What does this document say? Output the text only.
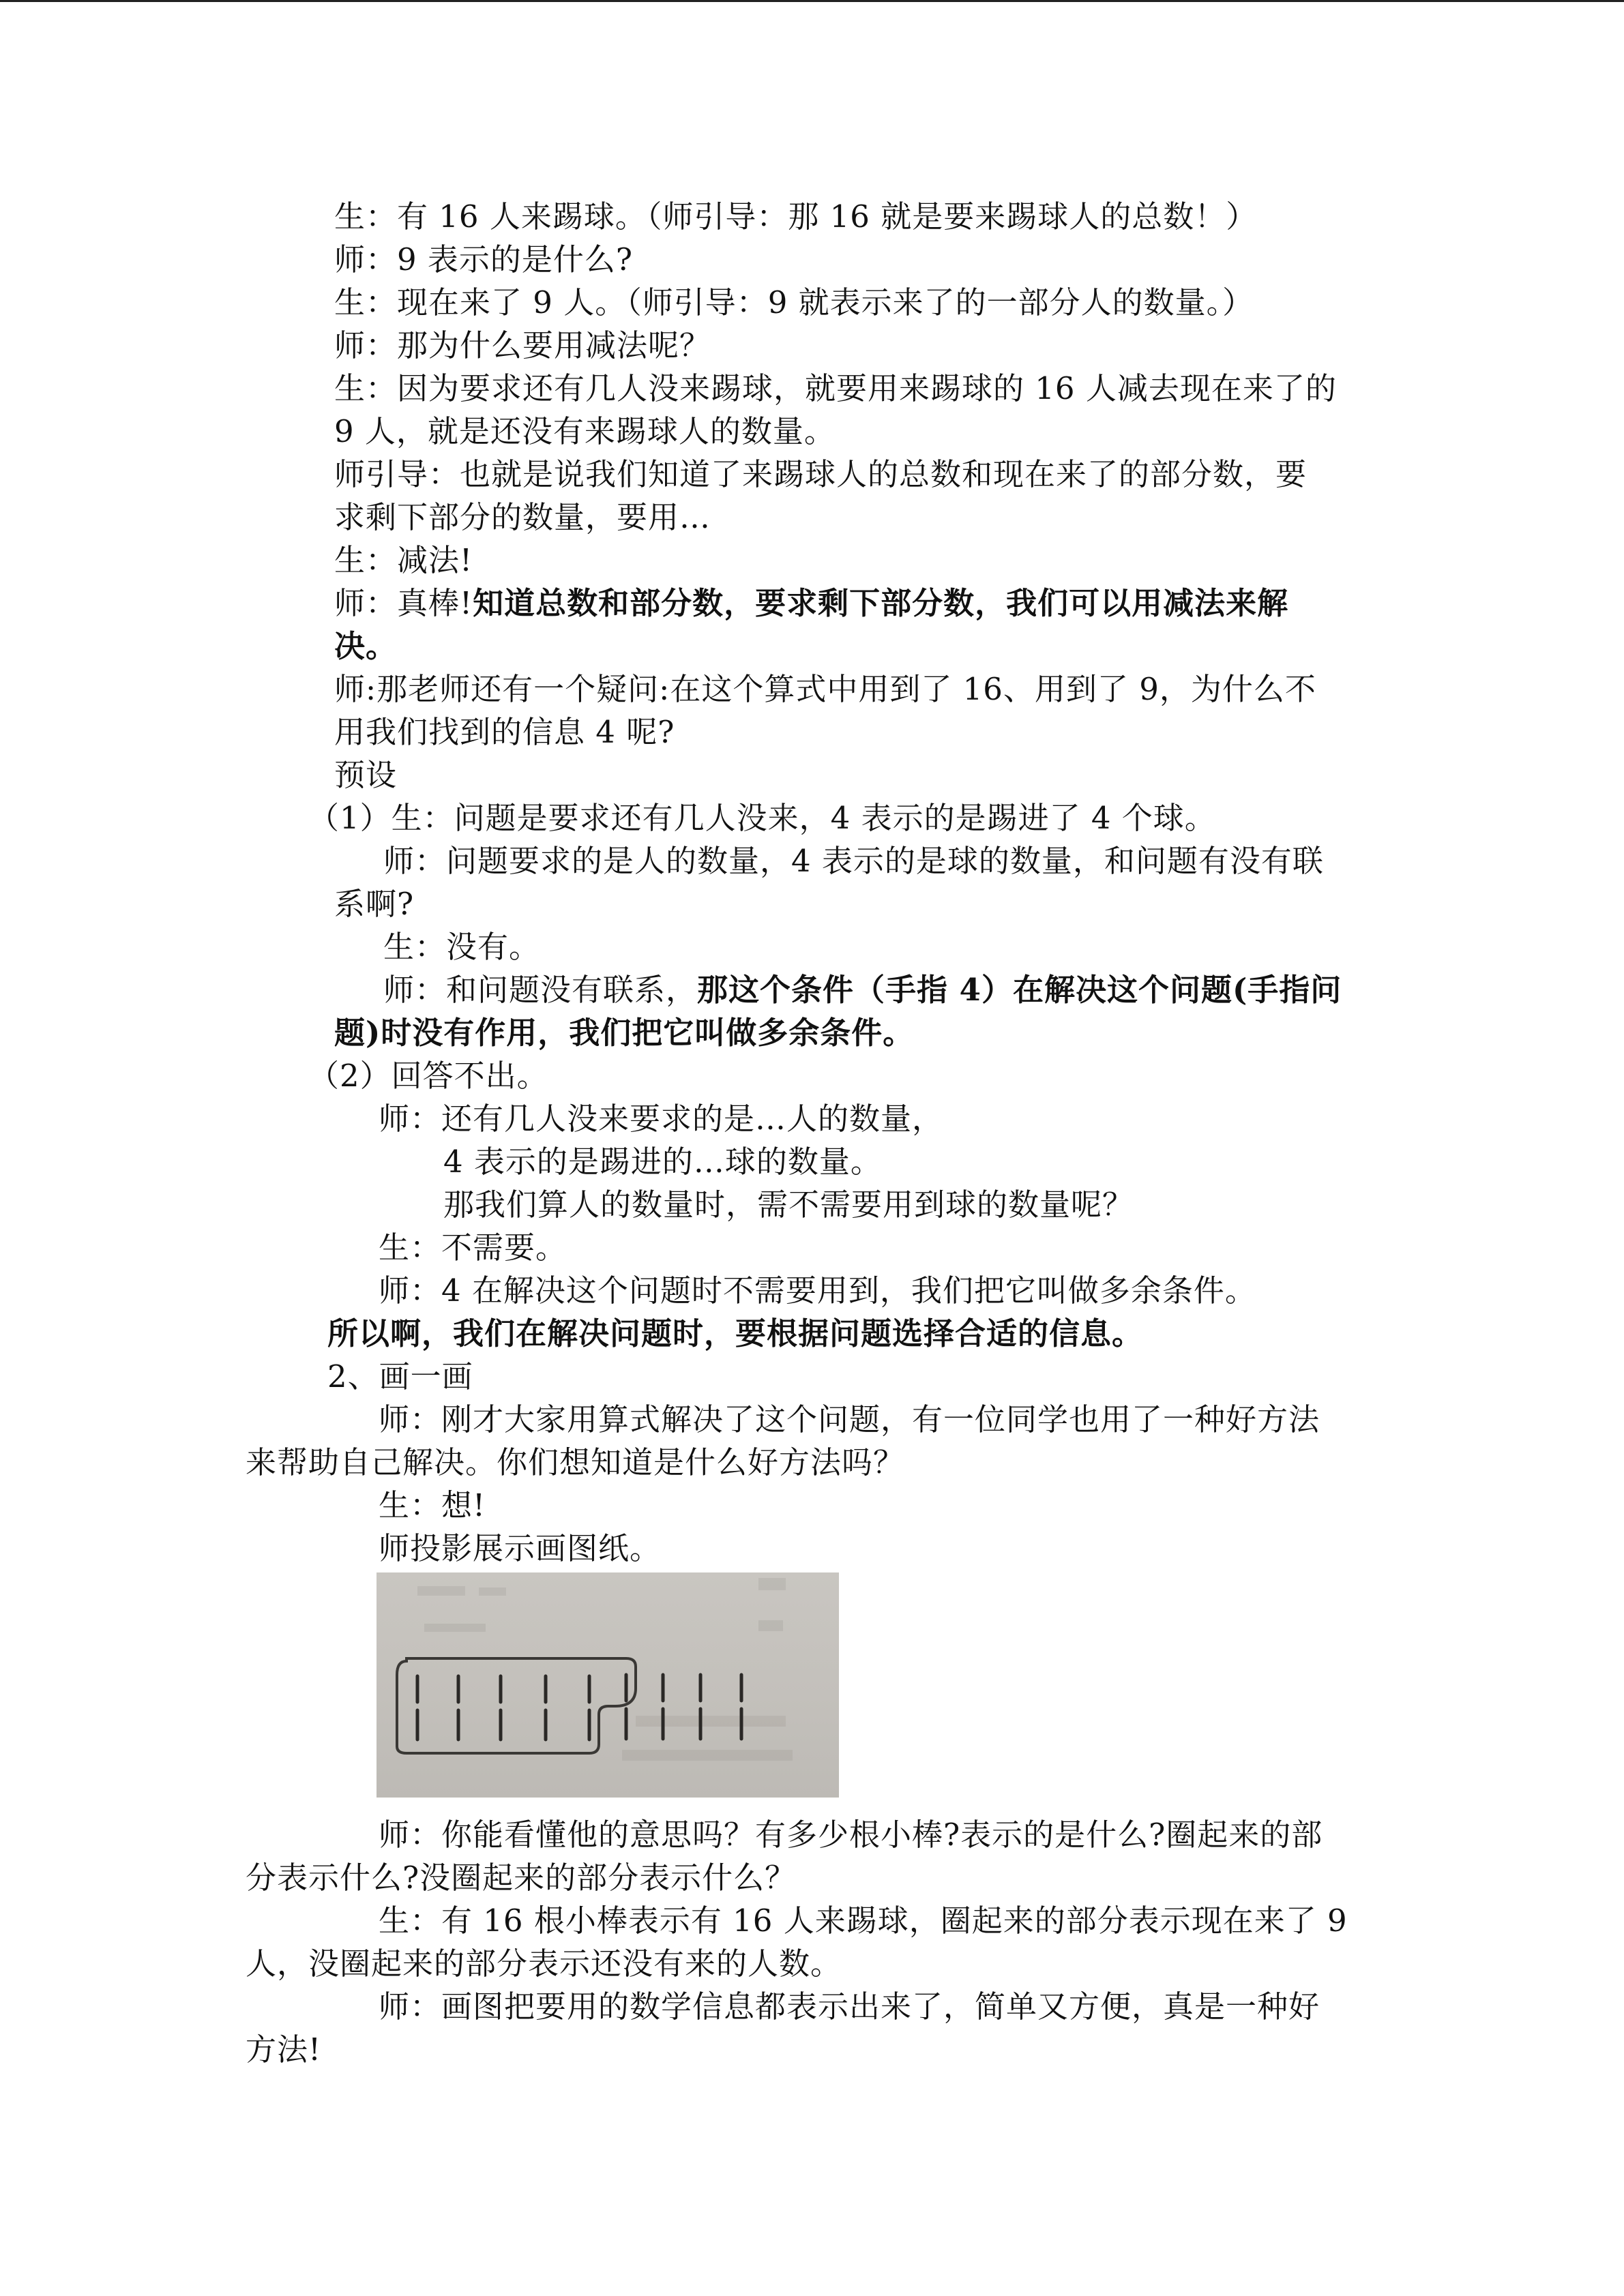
生：有 16 人来踢球。（师引导：那 16 就是要来踢球人的总数！）
师：9 表示的是什么?
生：现在来了 9 人。（师引导：9 就表示来了的一部分人的数量。）
师：那为什么要用减法呢？
生：因为要求还有几人没来踢球，就要用来踢球的 16 人减去现在来了的
9 人，就是还没有来踢球人的数量。
师引导：也就是说我们知道了来踢球人的总数和现在来了的部分数，要
求剩下部分的数量，要用…
生：减法!
师：真棒!知道总数和部分数，要求剩下部分数，我们可以用减法来解
决。
师:那老师还有一个疑问:在这个算式中用到了 16、用到了 9，为什么不
用我们找到的信息 4 呢?
预设
（1）生：问题是要求还有几人没来，4 表示的是踢进了 4 个球。
师：问题要求的是人的数量，4 表示的是球的数量，和问题有没有联
系啊?
生：没有。
师：和问题没有联系，那这个条件（手指 4）在解决这个问题(手指问
题)时没有作用，我们把它叫做多余条件。
（2）回答不出。
师：还有几人没来要求的是…人的数量，
4 表示的是踢进的…球的数量。
那我们算人的数量时，需不需要用到球的数量呢？
生：不需要。
师：4 在解决这个问题时不需要用到，我们把它叫做多余条件。
所以啊，我们在解决问题时，要根据问题选择合适的信息。
2、画一画
师：刚才大家用算式解决了这个问题，有一位同学也用了一种好方法
来帮助自己解决。你们想知道是什么好方法吗？
生：想!
师投影展示画图纸。
师：你能看懂他的意思吗？有多少根小棒?表示的是什么?圈起来的部
分表示什么?没圈起来的部分表示什么？
生：有 16 根小棒表示有 16 人来踢球，圈起来的部分表示现在来了 9
人，没圈起来的部分表示还没有来的人数。
师：画图把要用的数学信息都表示出来了，简单又方便，真是一种好
方法!
